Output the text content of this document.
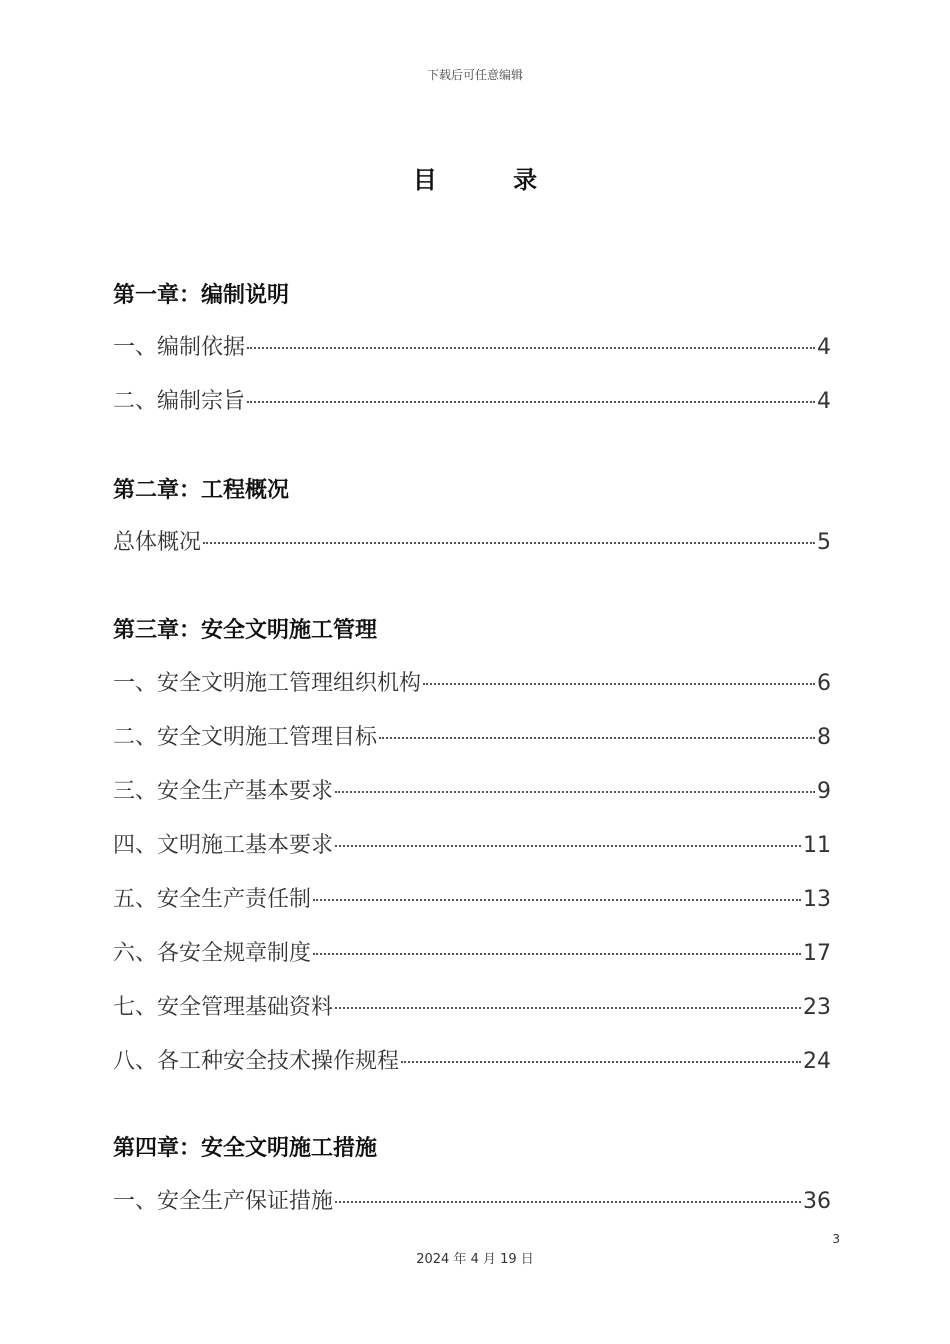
下载后可任意编辑
目 录
第一章：编制说明
一、编制依据	4
二、编制宗旨	4
第二章：工程概况
总体概况	5
第三章：安全文明施工管理
一、安全文明施工管理组织机构	6
二、安全文明施工管理目标	8
三、安全生产基本要求	9
四、文明施工基本要求	11
五、安全生产责任制	13
六、各安全规章制度	17
七、安全管理基础资料	23
八、各工种安全技术操作规程	24
第四章：安全文明施工措施
一、安全生产保证措施	36
3
2024 年 4 月 19 日
